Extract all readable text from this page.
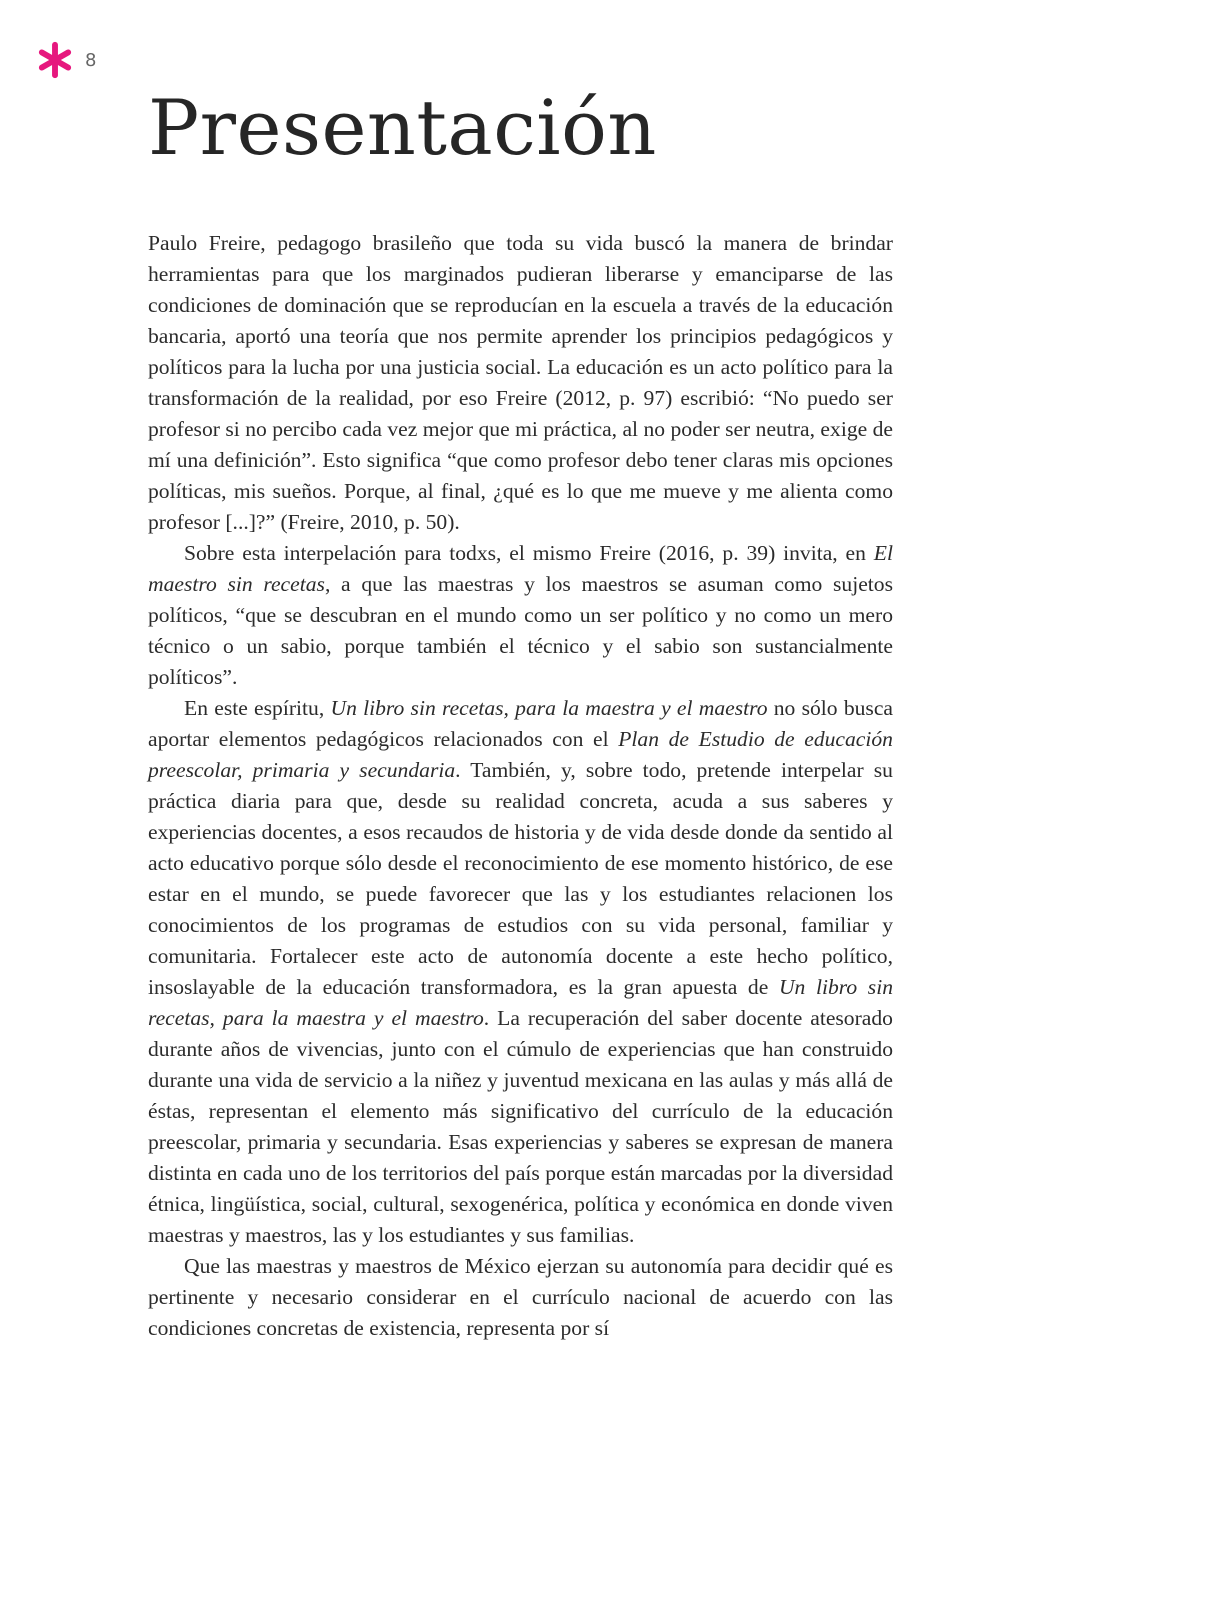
8
Presentación

Paulo Freire, pedagogo brasileño que toda su vida buscó la manera de brindar herramientas para que los marginados pudieran liberarse y emanciparse de las condiciones de dominación que se reproducían en la escuela a través de la educación bancaria, aportó una teoría que nos permite aprender los principios pedagógicos y políticos para la lucha por una justicia social. La educación es un acto político para la transformación de la realidad, por eso Freire (2012, p. 97) escribió: “No puedo ser profesor si no percibo cada vez mejor que mi práctica, al no poder ser neutra, exige de mí una definición”. Esto significa “que como profesor debo tener claras mis opciones políticas, mis sueños. Porque, al final, ¿qué es lo que me mueve y me alienta como profesor [...]?” (Freire, 2010, p. 50).

Sobre esta interpelación para todxs, el mismo Freire (2016, p. 39) invita, en El maestro sin recetas, a que las maestras y los maestros se asuman como sujetos políticos, “que se descubran en el mundo como un ser político y no como un mero técnico o un sabio, porque también el técnico y el sabio son sustancialmente políticos”.

En este espíritu, Un libro sin recetas, para la maestra y el maestro no sólo busca aportar elementos pedagógicos relacionados con el Plan de Estudio de educación preescolar, primaria y secundaria. También, y, sobre todo, pretende interpelar su práctica diaria para que, desde su realidad concreta, acuda a sus saberes y experiencias docentes, a esos recaudos de historia y de vida desde donde da sentido al acto educativo porque sólo desde el reconocimiento de ese momento histórico, de ese estar en el mundo, se puede favorecer que las y los estudiantes relacionen los conocimientos de los programas de estudios con su vida personal, familiar y comunitaria. Fortalecer este acto de autonomía docente a este hecho político, insoslayable de la educación transformadora, es la gran apuesta de Un libro sin recetas, para la maestra y el maestro. La recuperación del saber docente atesorado durante años de vivencias, junto con el cúmulo de experiencias que han construido durante una vida de servicio a la niñez y juventud mexicana en las aulas y más allá de éstas, representan el elemento más significativo del currículo de la educación preescolar, primaria y secundaria. Esas experiencias y saberes se expresan de manera distinta en cada uno de los territorios del país porque están marcadas por la diversidad étnica, lingüística, social, cultural, sexogenérica, política y económica en donde viven maestras y maestros, las y los estudiantes y sus familias.

Que las maestras y maestros de México ejerzan su autonomía para decidir qué es pertinente y necesario considerar en el currículo nacional de acuerdo con las condiciones concretas de existencia, representa por sí
